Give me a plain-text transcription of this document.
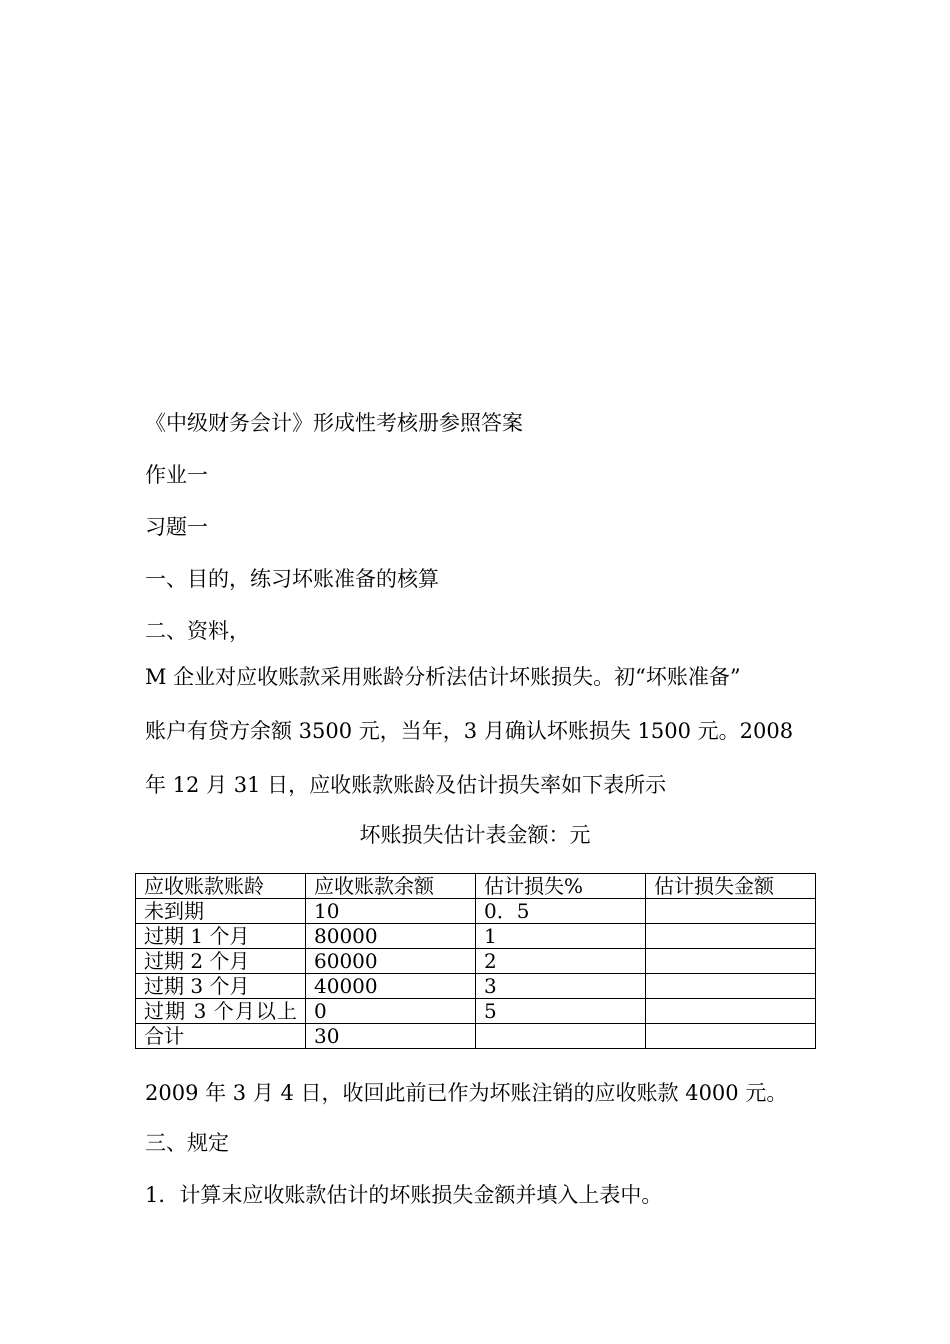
《中级财务会计》形成性考核册参照答案
作业一
习题一
一、目的，练习坏账准备的核算
二、资料，
M 企业对应收账款采用账龄分析法估计坏账损失。初“坏账准备”
账户有贷方余额 3500 元，当年，3 月确认坏账损失 1500 元。2008
年 12 月 31 日，应收账款账龄及估计损失率如下表所示
坏账损失估计表金额：元
应收账款账龄	应收账款余额	估计损失%	估计损失金额
未到期	10	0．5	
过期 1 个月	80000	1	
过期 2 个月	60000	2	
过期 3 个月	40000	3	
过期 3 个月以上	0	5	
合计	30		
2009 年 3 月 4 日，收回此前已作为坏账注销的应收账款 4000 元。
三、规定
1．计算末应收账款估计的坏账损失金额并填入上表中。
